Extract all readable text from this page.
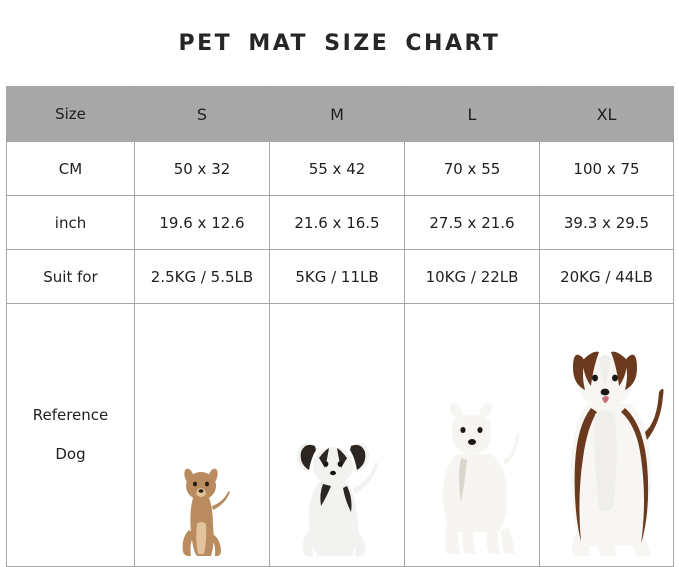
PET MAT SIZE CHART
Size	S	M	L	XL
CM	50 x 32	55 x 42	70 x 55	100 x 75
inch	19.6 x 12.6	21.6 x 16.5	27.5 x 21.6	39.3 x 29.5
Suit for	2.5KG / 5.5LB	5KG / 11LB	10KG / 22LB	20KG / 44LB
Reference
Dog	
